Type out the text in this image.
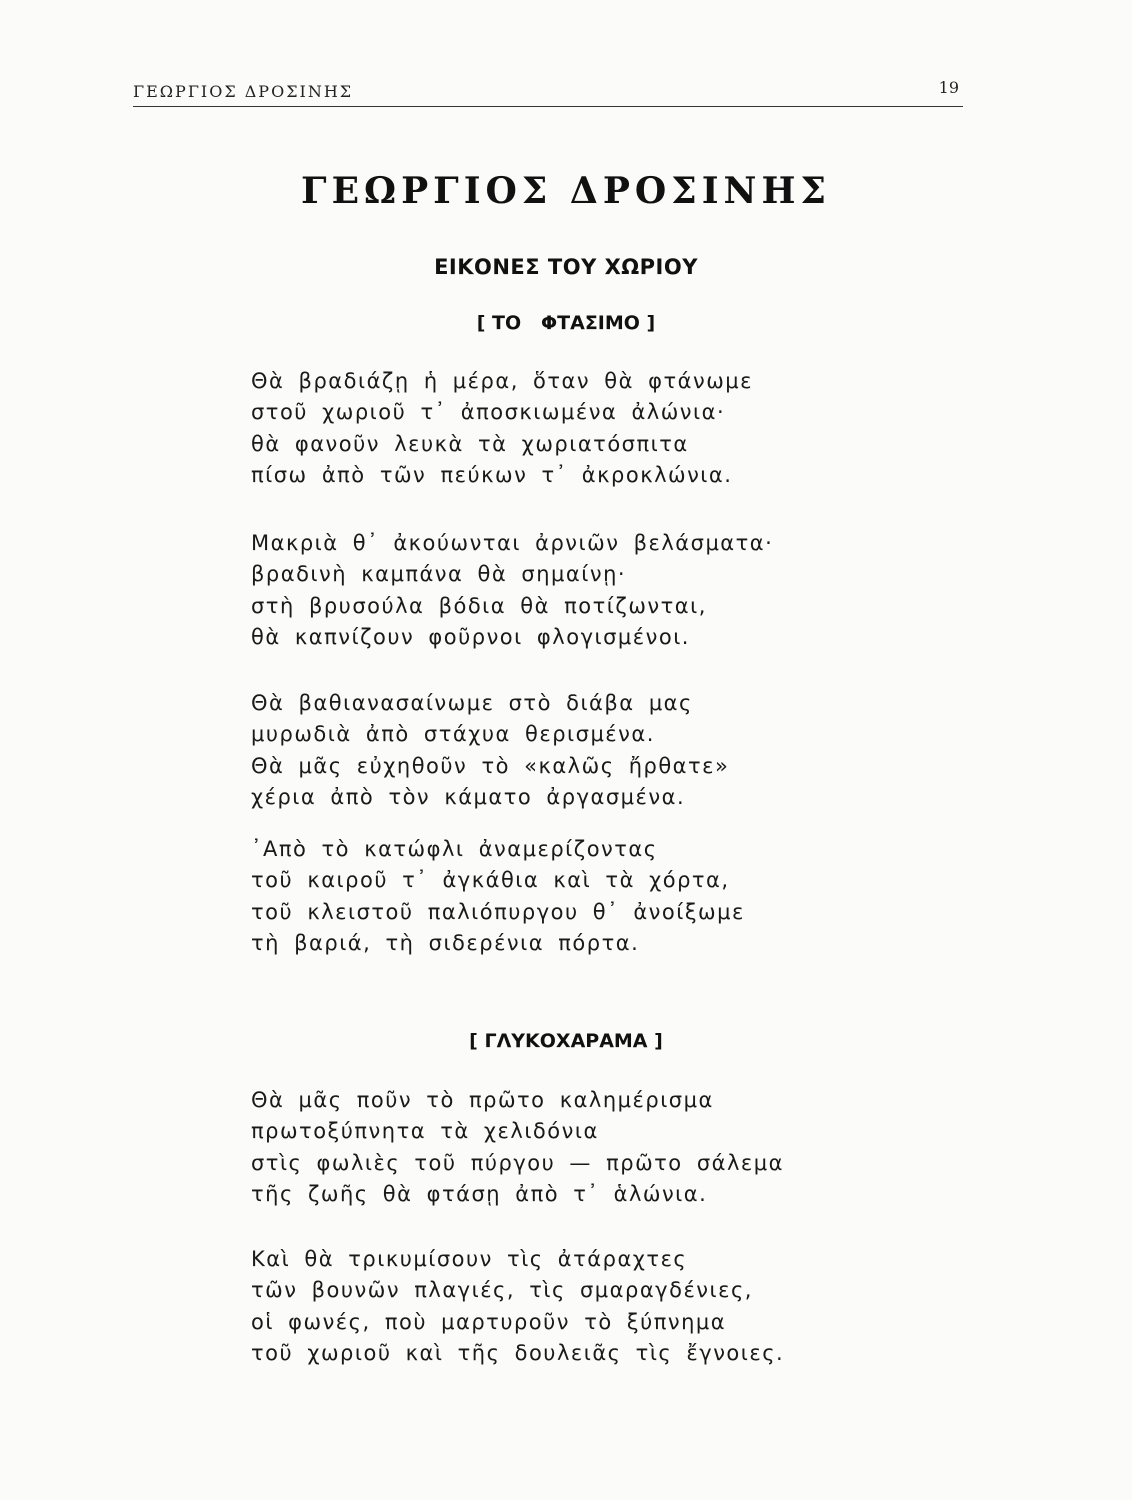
ΓΕΩΡΓΙΟΣ ΔΡΟΣΙΝΗΣ	19
ΓΕΩΡΓΙΟΣ ΔΡΟΣΙΝΗΣ
ΕΙΚΟΝΕΣ ΤΟΥ ΧΩΡΙΟΥ
[ ΤΟ   ΦΤΑΣΙΜΟ ]
Θὰ βραδιάζῃ ἡ μέρα, ὅταν θὰ φτάνωμε
στοῦ χωριοῦ τ᾽ ἀποσκιωμένα ἀλώνια·
θὰ φανοῦν λευκὰ τὰ χωριατόσπιτα
πίσω ἀπὸ τῶν πεύκων τ᾽ ἀκροκλώνια.
Μακριὰ θ᾽ ἀκούωνται ἀρνιῶν βελάσματα·
βραδινὴ καμπάνα θὰ σημαίνῃ·
στὴ βρυσούλα βόδια θὰ ποτίζωνται,
θὰ καπνίζουν φοῦρνοι φλογισμένοι.
Θὰ βαθιανασαίνωμε στὸ διάβα μας
μυρωδιὰ ἀπὸ στάχυα θερισμένα.
Θὰ μᾶς εὐχηθοῦν τὸ «καλῶς ἤρθατε»
χέρια ἀπὸ τὸν κάματο ἀργασμένα.
᾿Απὸ τὸ κατώφλι ἀναμερίζοντας
τοῦ καιροῦ τ᾽ ἀγκάθια καὶ τὰ χόρτα,
τοῦ κλειστοῦ παλιόπυργου θ᾽ ἀνοίξωμε
τὴ βαριά, τὴ σιδερένια πόρτα.
[ ΓΛΥΚΟΧΑΡΑΜΑ ]
Θὰ μᾶς ποῦν τὸ πρῶτο καλημέρισμα
πρωτοξύπνητα τὰ χελιδόνια
στὶς φωλιὲς τοῦ πύργου — πρῶτο σάλεμα
τῆς ζωῆς θὰ φτάσῃ ἀπὸ τ᾽ ἁλώνια.
Καὶ θὰ τρικυμίσουν τὶς ἀτάραχτες
τῶν βουνῶν πλαγιές, τὶς σμαραγδένιες,
οἱ φωνές, ποὺ μαρτυροῦν τὸ ξύπνημα
τοῦ χωριοῦ καὶ τῆς δουλειᾶς τὶς ἔγνοιες.
